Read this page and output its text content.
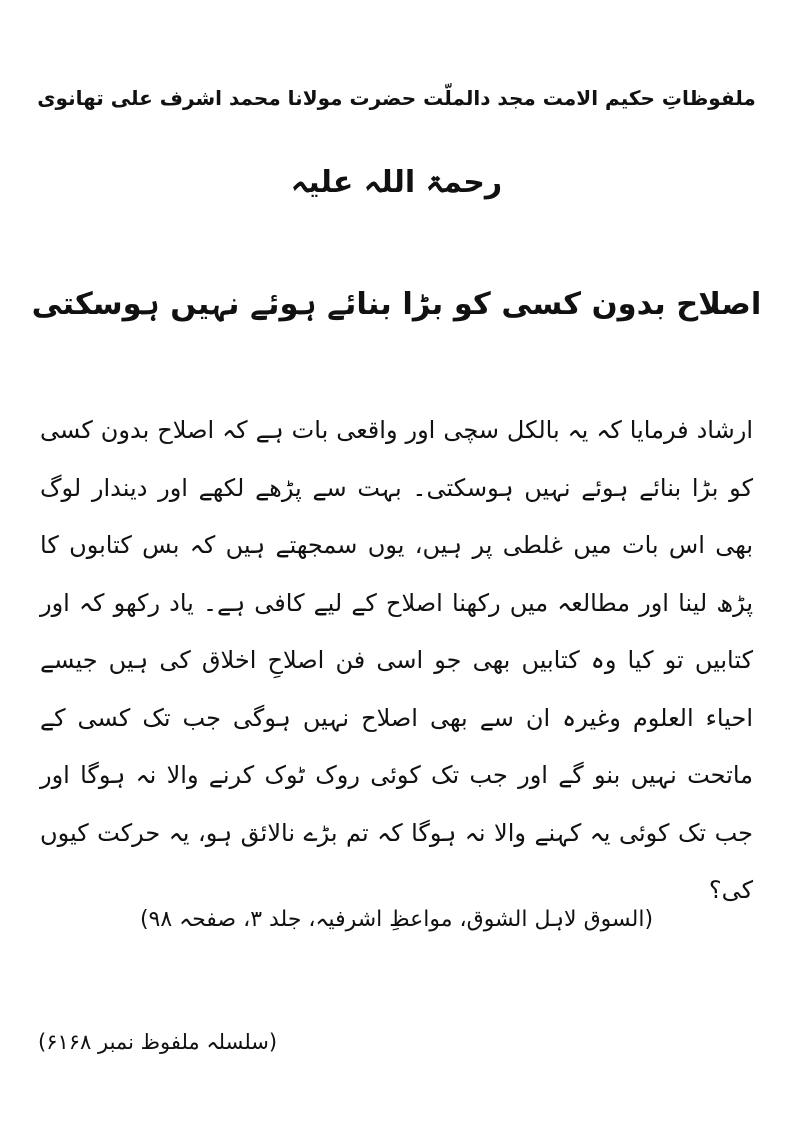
ملفوظاتِ حکیم الامت مجد دالملّت حضرت مولانا محمد اشرف علی تھانوی
رحمۃ اللہ علیہ
اصلاح بدون کسی کو بڑا بنائے ہوئے نہیں ہوسکتی
ارشاد فرمایا کہ یہ بالکل سچی اور واقعی بات ہے کہ اصلاح بدون کسی کو بڑا بنائے ہوئے نہیں ہوسکتی۔ بہت سے پڑھے لکھے اور دیندار لوگ بھی اس بات میں غلطی پر ہیں، یوں سمجھتے ہیں کہ بس کتابوں کا پڑھ لینا اور مطالعہ میں رکھنا اصلاح کے لیے کافی ہے۔ یاد رکھو کہ اور کتابیں تو کیا وہ کتابیں بھی جو اسی فن اصلاحِ اخلاق کی ہیں جیسے احیاء العلوم وغیرہ ان سے بھی اصلاح نہیں ہوگی جب تک کسی کے ماتحت نہیں بنو گے اور جب تک کوئی روک ٹوک کرنے والا نہ ہوگا اور جب تک کوئی یہ کہنے والا نہ ہوگا کہ تم بڑے نالائق ہو، یہ حرکت کیوں کی؟
(السوق لاہل الشوق، مواعظِ اشرفیہ، جلد ۳، صفحہ ۹۸)
(سلسلہ ملفوظ نمبر ۶۱۶۸)
